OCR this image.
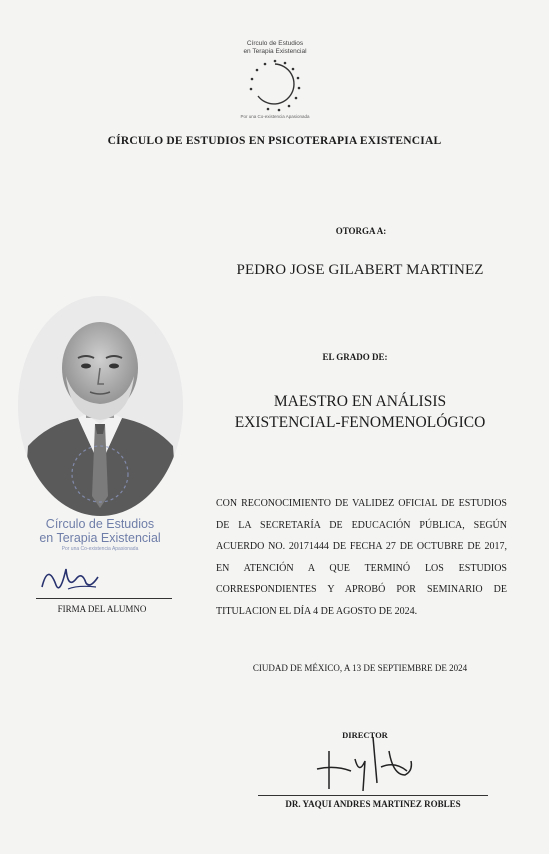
Círculo de Estudios
en Terapia Existencial
Por una Co-existencia Apasionada
CÍRCULO DE ESTUDIOS EN PSICOTERAPIA EXISTENCIAL
OTORGA A:
PEDRO JOSE GILABERT MARTINEZ
Círculo de Estudios
en Terapia Existencial
Por una Co-existencia Apasionada
FIRMA DEL ALUMNO
EL GRADO DE:
MAESTRO EN ANÁLISIS
EXISTENCIAL-FENOMENOLÓGICO
CON RECONOCIMIENTO DE VALIDEZ OFICIAL DE ESTUDIOS DE LA SECRETARÍA DE EDUCACIÓN PÚBLICA, SEGÚN ACUERDO NO. 20171444 DE FECHA 27 DE OCTUBRE DE 2017, EN ATENCIÓN A QUE TERMINÓ LOS ESTUDIOS CORRESPONDIENTES Y APROBÓ POR SEMINARIO DE TITULACION EL DÍA 4 DE AGOSTO DE 2024.
CIUDAD DE MÉXICO, A 13 DE SEPTIEMBRE DE 2024
DIRECTOR
DR. YAQUI ANDRES MARTINEZ ROBLES
